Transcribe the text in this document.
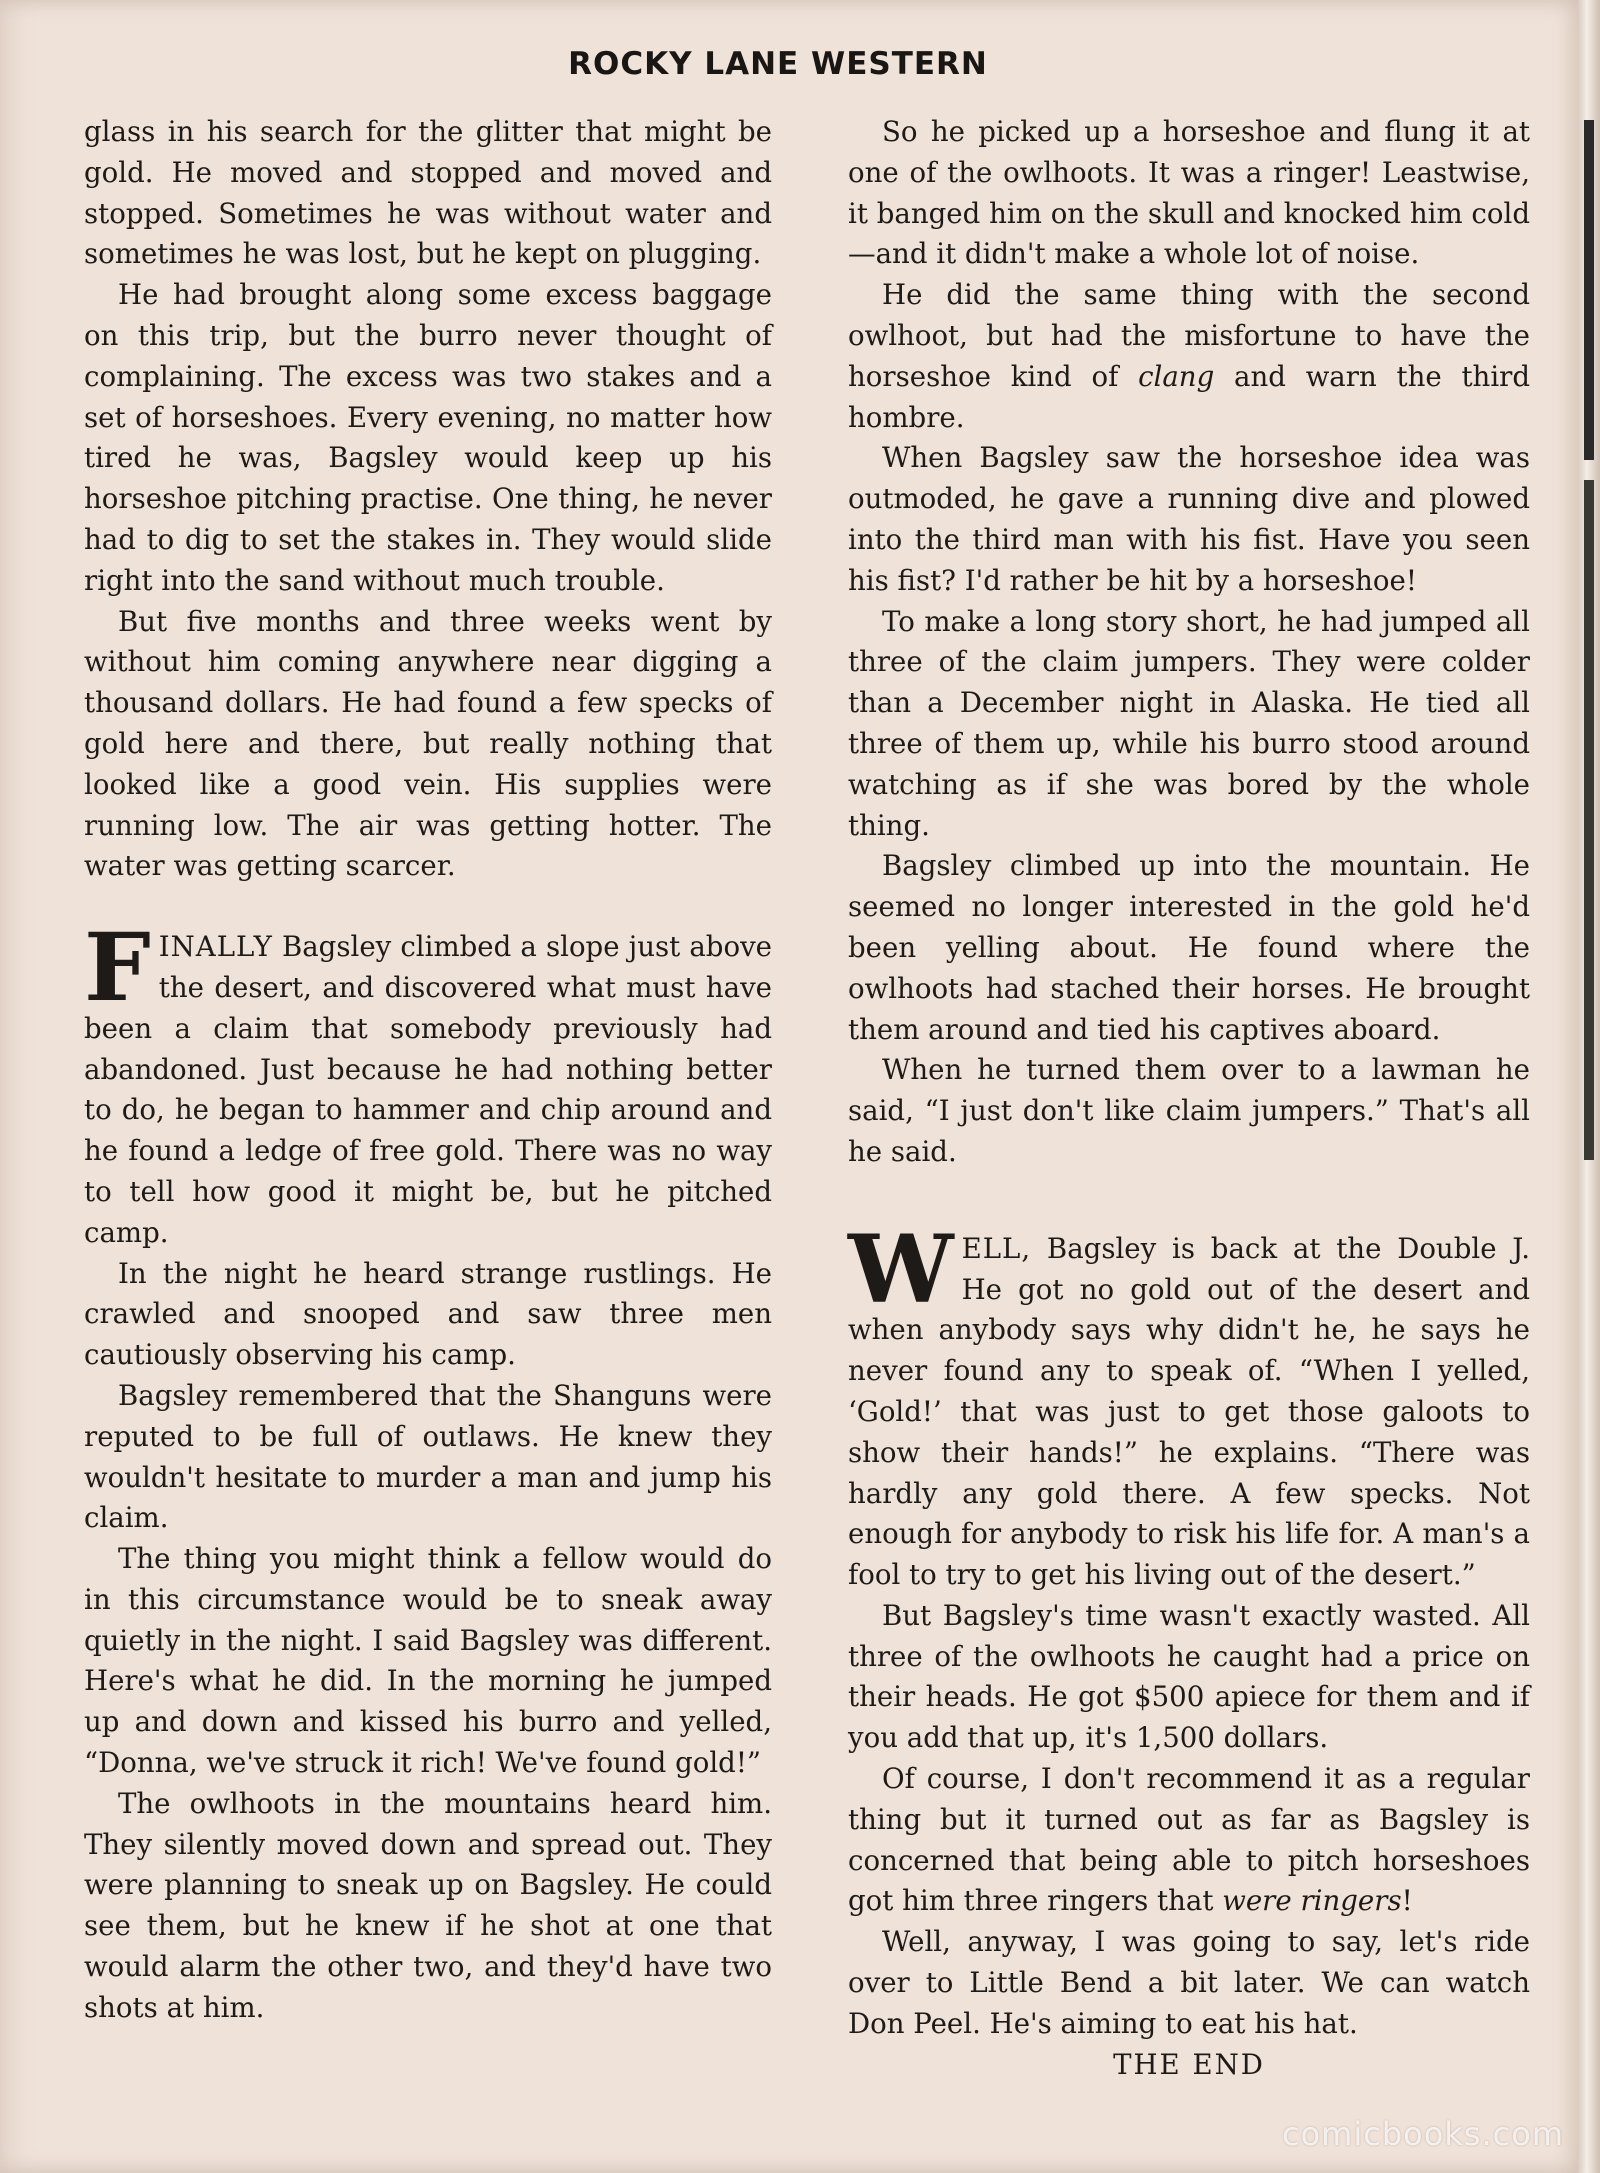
ROCKY LANE WESTERN

glass in his search for the glitter that might be gold. He moved and stopped and moved and stopped. Sometimes he was without water and sometimes he was lost, but he kept on plugging.

He had brought along some excess baggage on this trip, but the burro never thought of complaining. The excess was two stakes and a set of horseshoes. Every evening, no matter how tired he was, Bagsley would keep up his horseshoe pitching practise. One thing, he never had to dig to set the stakes in. They would slide right into the sand without much trouble.

But five months and three weeks went by without him coming anywhere near digging a thousand dollars. He had found a few specks of gold here and there, but really nothing that looked like a good vein. His supplies were running low. The air was getting hotter. The water was getting scarcer.

FINALLY Bagsley climbed a slope just above the desert, and discovered what must have been a claim that somebody previously had abandoned. Just because he had nothing better to do, he began to hammer and chip around and he found a ledge of free gold. There was no way to tell how good it might be, but he pitched camp.

In the night he heard strange rustlings. He crawled and snooped and saw three men cautiously observing his camp.

Bagsley remembered that the Shanguns were reputed to be full of outlaws. He knew they wouldn't hesitate to murder a man and jump his claim.

The thing you might think a fellow would do in this circumstance would be to sneak away quietly in the night. I said Bagsley was different. Here's what he did. In the morning he jumped up and down and kissed his burro and yelled, “Donna, we've struck it rich! We've found gold!”

The owlhoots in the mountains heard him. They silently moved down and spread out. They were planning to sneak up on Bagsley. He could see them, but he knew if he shot at one that would alarm the other two, and they'd have two shots at him.

So he picked up a horseshoe and flung it at one of the owlhoots. It was a ringer! Leastwise, it banged him on the skull and knocked him cold—and it didn't make a whole lot of noise.

He did the same thing with the second owlhoot, but had the misfortune to have the horseshoe kind of clang and warn the third hombre.

When Bagsley saw the horseshoe idea was outmoded, he gave a running dive and plowed into the third man with his fist. Have you seen his fist? I'd rather be hit by a horseshoe!

To make a long story short, he had jumped all three of the claim jumpers. They were colder than a December night in Alaska. He tied all three of them up, while his burro stood around watching as if she was bored by the whole thing.

Bagsley climbed up into the mountain. He seemed no longer interested in the gold he'd been yelling about. He found where the owlhoots had stached their horses. He brought them around and tied his captives aboard.

When he turned them over to a lawman he said, “I just don't like claim jumpers.” That's all he said.

WELL, Bagsley is back at the Double J. He got no gold out of the desert and when anybody says why didn't he, he says he never found any to speak of. “When I yelled, ‘Gold!’ that was just to get those galoots to show their hands!” he explains. “There was hardly any gold there. A few specks. Not enough for anybody to risk his life for. A man's a fool to try to get his living out of the desert.”

But Bagsley's time wasn't exactly wasted. All three of the owlhoots he caught had a price on their heads. He got $500 apiece for them and if you add that up, it's 1,500 dollars.

Of course, I don't recommend it as a regular thing but it turned out as far as Bagsley is concerned that being able to pitch horseshoes got him three ringers that were ringers!

Well, anyway, I was going to say, let's ride over to Little Bend a bit later. We can watch Don Peel. He's aiming to eat his hat.

THE END

comicbooks.com
